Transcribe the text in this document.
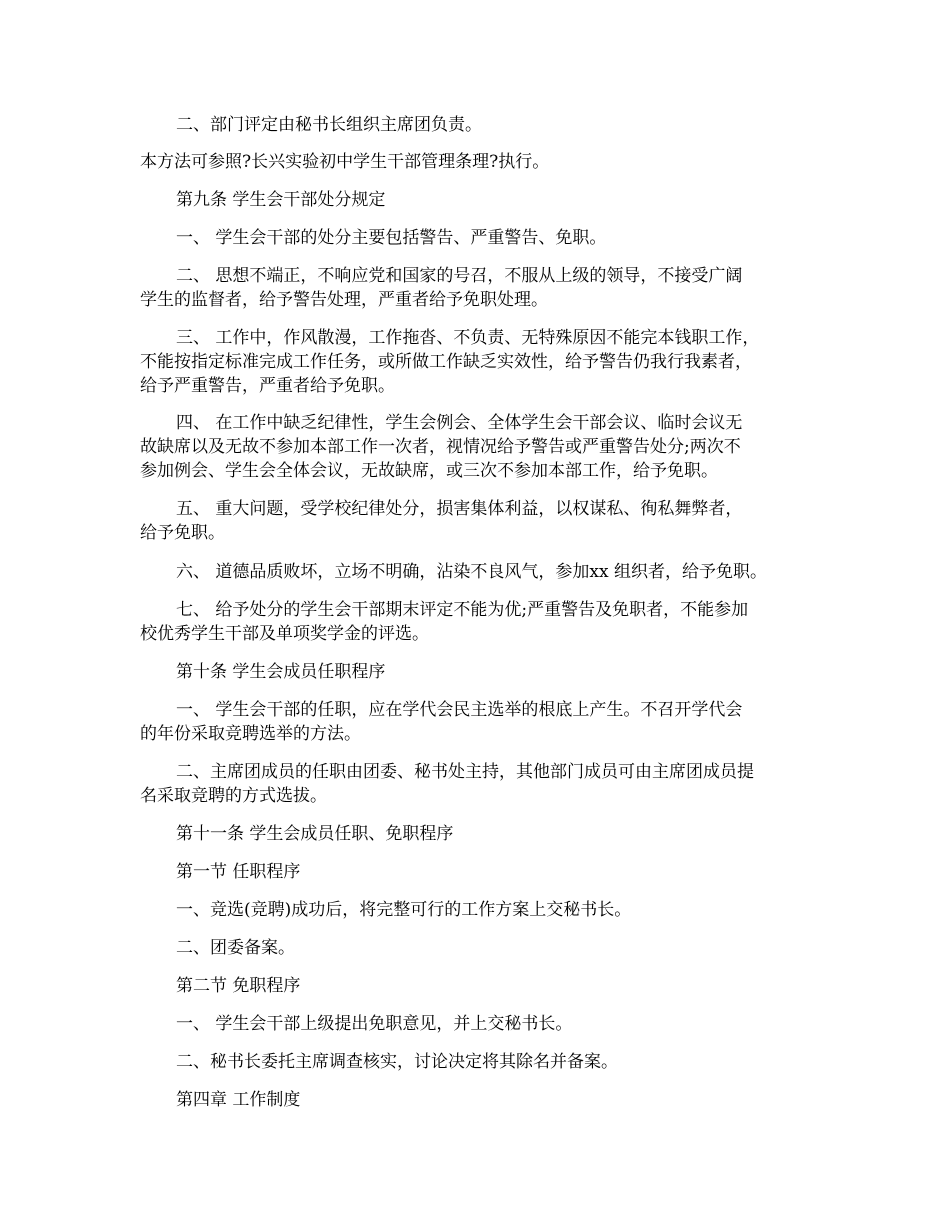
二、部门评定由秘书长组织主席团负责。
本方法可参照?长兴实验初中学生干部管理条理?执行。
第九条 学生会干部处分规定
一、 学生会干部的处分主要包括警告、严重警告、免职。
二、 思想不端正，不响应党和国家的号召，不服从上级的领导，不接受广阔
学生的监督者，给予警告处理，严重者给予免职处理。
三、 工作中，作风散漫，工作拖沓、不负责、无特殊原因不能完本钱职工作，
不能按指定标准完成工作任务，或所做工作缺乏实效性，给予警告仍我行我素者，
给予严重警告，严重者给予免职。
四、 在工作中缺乏纪律性，学生会例会、全体学生会干部会议、临时会议无
故缺席以及无故不参加本部工作一次者，视情况给予警告或严重警告处分;两次不
参加例会、学生会全体会议，无故缺席，或三次不参加本部工作，给予免职。
五、 重大问题，受学校纪律处分，损害集体利益，以权谋私、徇私舞弊者，
给予免职。
六、 道德品质败坏，立场不明确，沾染不良风气，参加xx 组织者，给予免职。
七、 给予处分的学生会干部期末评定不能为优;严重警告及免职者，不能参加
校优秀学生干部及单项奖学金的评选。
第十条 学生会成员任职程序
一、 学生会干部的任职，应在学代会民主选举的根底上产生。不召开学代会
的年份采取竞聘选举的方法。
二、主席团成员的任职由团委、秘书处主持，其他部门成员可由主席团成员提
名采取竞聘的方式选拔。
第十一条 学生会成员任职、免职程序
第一节 任职程序
一、竞选(竞聘)成功后，将完整可行的工作方案上交秘书长。
二、团委备案。
第二节 免职程序
一、 学生会干部上级提出免职意见，并上交秘书长。
二、秘书长委托主席调查核实，讨论决定将其除名并备案。
第四章 工作制度
